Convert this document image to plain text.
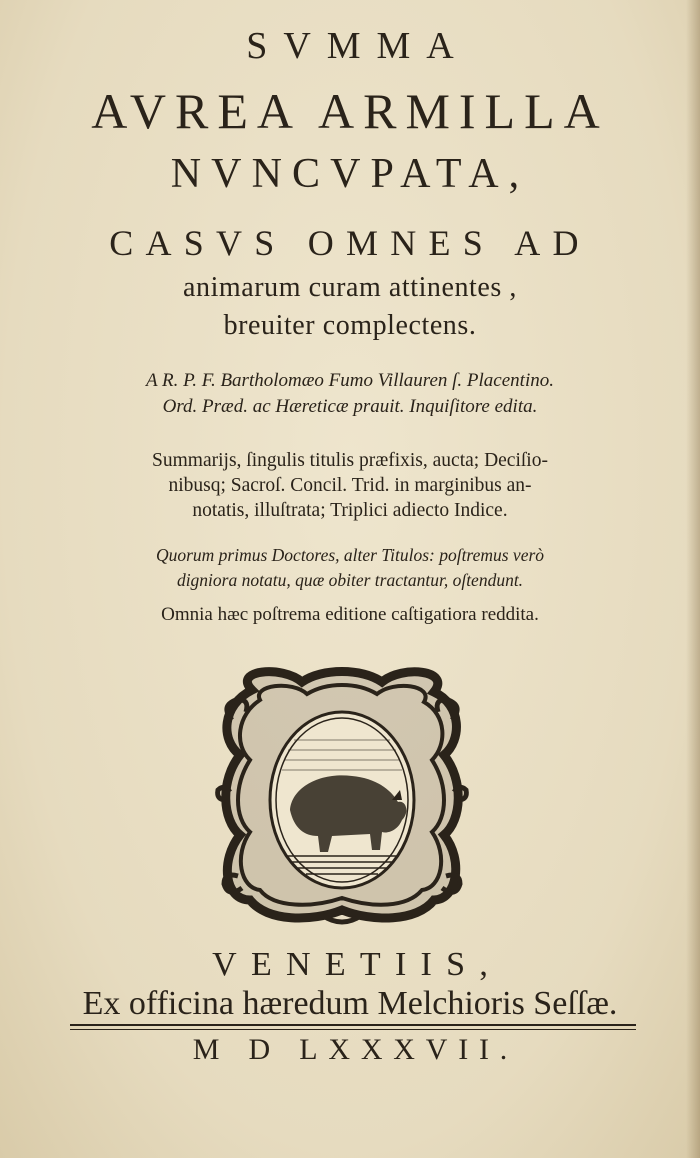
SVMMA
AVREA ARMILLA
NVNCVPATA,
CASVS OMNES AD
animarum curam attinentes ,
breuiter complectens.
A R. P. F. Bartholomæo Fumo Villauren ſ. Placentino.
Ord. Præd. ac Hæreticæ prauit. Inquiſitore edita.
Summarijs, ſingulis titulis præfixis, aucta; Deciſio-
nibusq; Sacroſ. Concil. Trid. in marginibus an-
notatis, illuſtrata; Triplici adiecto Indice.
Quorum primus Doctores, alter Titulos: poſtremus verò
digniora notatu, quæ obiter tractantur, oſtendunt.
Omnia hæc poſtrema editione caſtigatiora reddita.
VENETIIS,
Ex officina hæredum Melchioris Seſſæ.
M D LXXXVII.
